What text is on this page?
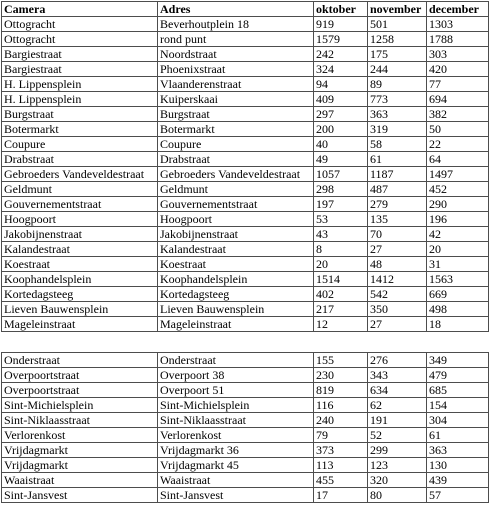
Camera	Adres	oktober	november	december
Ottogracht	Beverhoutplein 18	919	501	1303
Ottogracht	rond punt	1579	1258	1788
Bargiestraat	Noordstraat	242	175	303
Bargiestraat	Phoenixstraat	324	244	420
H. Lippensplein	Vlaanderenstraat	94	89	77
H. Lippensplein	Kuiperskaai	409	773	694
Burgstraat	Burgstraat	297	363	382
Botermarkt	Botermarkt	200	319	50
Coupure	Coupure	40	58	22
Drabstraat	Drabstraat	49	61	64
Gebroeders Vandeveldestraat	Gebroeders Vandeveldestraat	1057	1187	1497
Geldmunt	Geldmunt	298	487	452
Gouvernementstraat	Gouvernementstraat	197	279	290
Hoogpoort	Hoogpoort	53	135	196
Jakobijnenstraat	Jakobijnenstraat	43	70	42
Kalandestraat	Kalandestraat	8	27	20
Koestraat	Koestraat	20	48	31
Koophandelsplein	Koophandelsplein	1514	1412	1563
Kortedagsteeg	Kortedagsteeg	402	542	669
Lieven Bauwensplein	Lieven Bauwensplein	217	350	498
Mageleinstraat	Mageleinstraat	12	27	18
Onderstraat	Onderstraat	155	276	349
Overpoortstraat	Overpoort 38	230	343	479
Overpoortstraat	Overpoort 51	819	634	685
Sint-Michielsplein	Sint-Michielsplein	116	62	154
Sint-Niklaasstraat	Sint-Niklaasstraat	240	191	304
Verlorenkost	Verlorenkost	79	52	61
Vrijdagmarkt	Vrijdagmarkt 36	373	299	363
Vrijdagmarkt	Vrijdagmarkt 45	113	123	130
Waaistraat	Waaistraat	455	320	439
Sint-Jansvest	Sint-Jansvest	17	80	57
